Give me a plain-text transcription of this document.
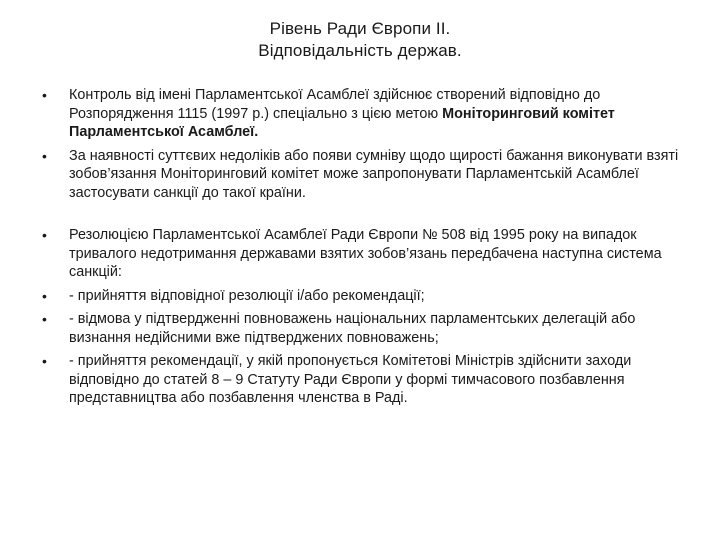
Рівень Ради Європи ІІ.
Відповідальність держав.
• Контроль від імені Парламентської Асамблеї здійснює створений відповідно до Розпорядження 1115 (1997 р.) спеціально з цією метою Моніторинговий комітет Парламентської Асамблеї.
• За наявності суттєвих недоліків або появи сумніву щодо щирості бажання виконувати взяті зобов’язання Моніторинговий комітет може запропонувати Парламентській Асамблеї застосувати санкції до такої країни.
• Резолюцією Парламентської Асамблеї Ради Європи № 508 від 1995 року на випадок тривалого недотримання державами взятих зобов’язань передбачена наступна система санкцій:
• - прийняття відповідної резолюції і/або рекомендації;
• - відмова у підтвердженні повноважень національних парламентських делегацій або визнання недійсними вже підтверджених повноважень;
• - прийняття рекомендації, у якій пропонується Комітетові Міністрів здійснити заходи відповідно до статей 8 – 9 Статуту Ради Європи у формі тимчасового позбавлення представництва або позбавлення членства в Раді.
